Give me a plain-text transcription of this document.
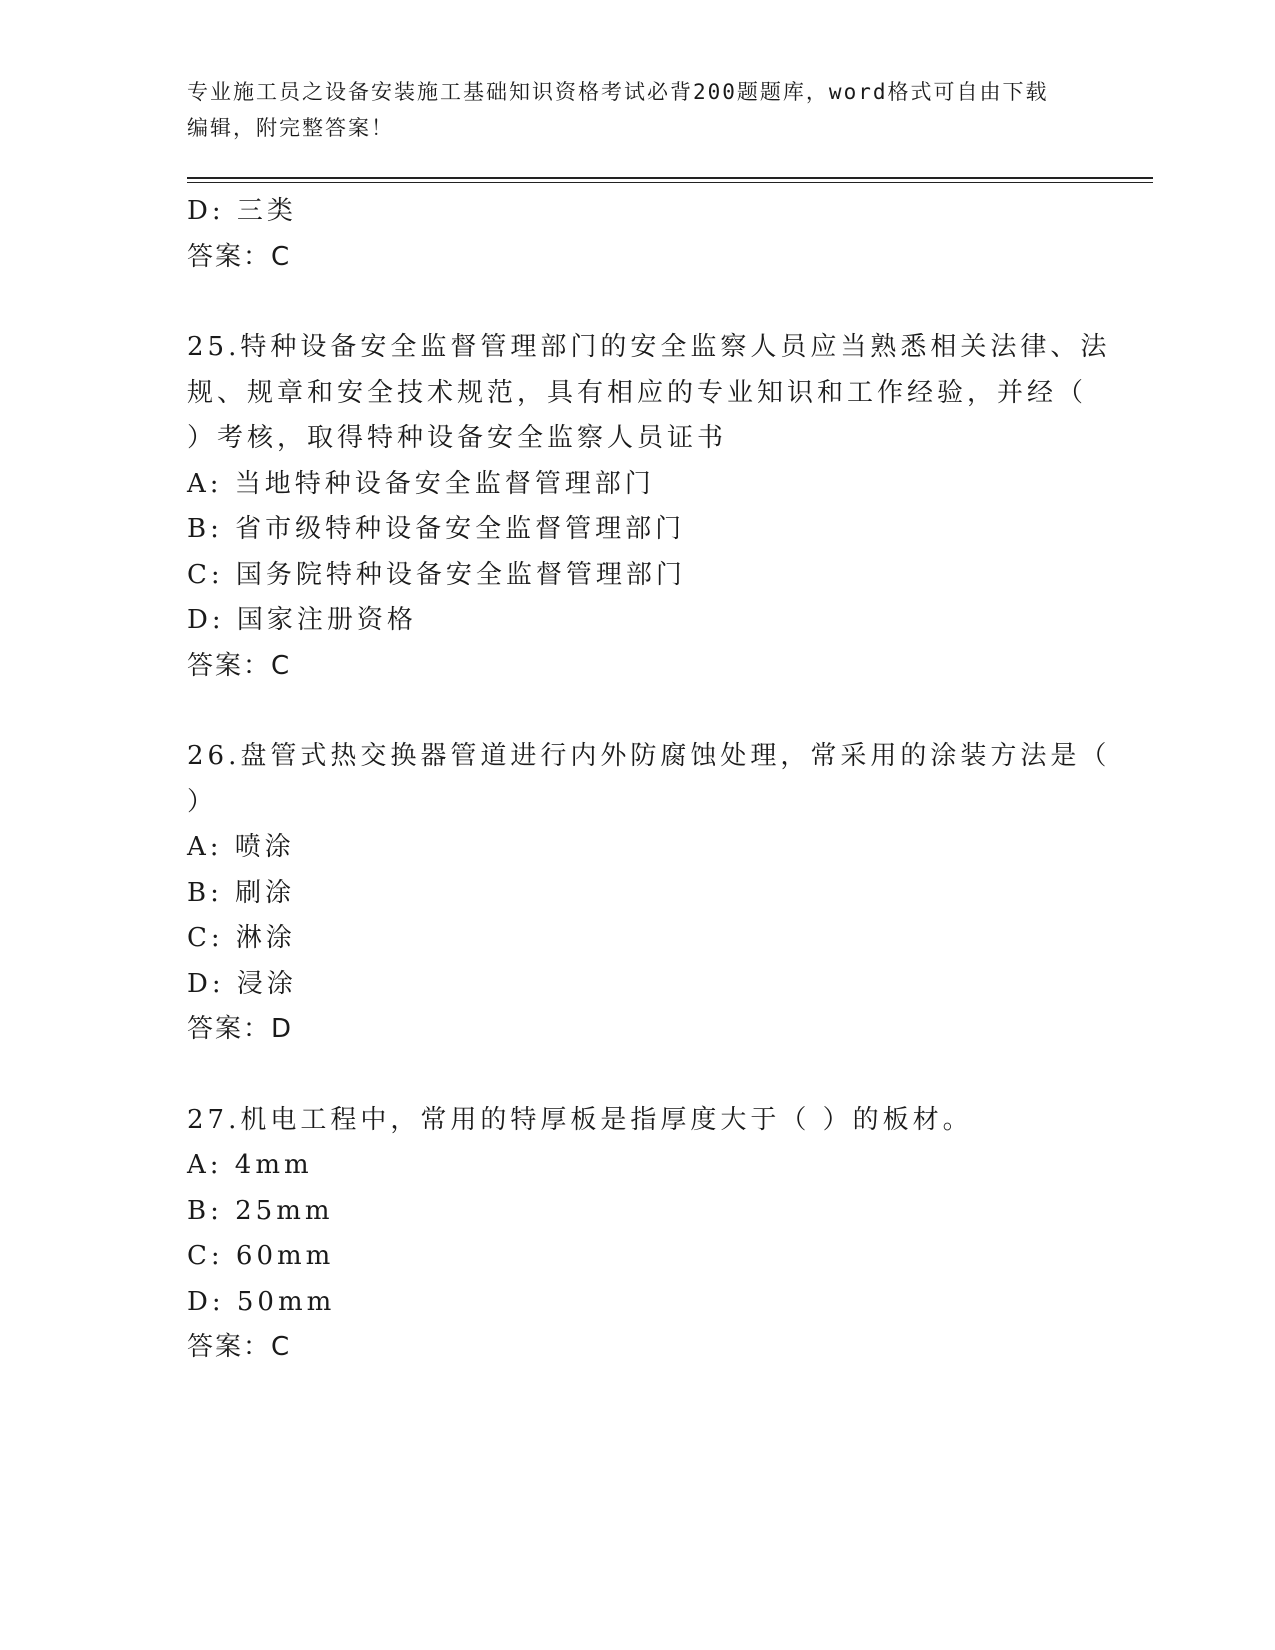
专业施工员之设备安装施工基础知识资格考试必背200题题库，word格式可自由下载编辑，附完整答案！
D: 三类
答案：C
25.特种设备安全监督管理部门的安全监察人员应当熟悉相关法律、法
规、规章和安全技术规范，具有相应的专业知识和工作经验，并经（
）考核，取得特种设备安全监察人员证书
A: 当地特种设备安全监督管理部门
B: 省市级特种设备安全监督管理部门
C: 国务院特种设备安全监督管理部门
D: 国家注册资格
答案：C
26.盘管式热交换器管道进行内外防腐蚀处理，常采用的涂装方法是（
）
A: 喷涂
B: 刷涂
C: 淋涂
D: 浸涂
答案：D
27.机电工程中，常用的特厚板是指厚度大于（ ）的板材。
A: 4mm
B: 25mm
C: 60mm
D: 50mm
答案：C
